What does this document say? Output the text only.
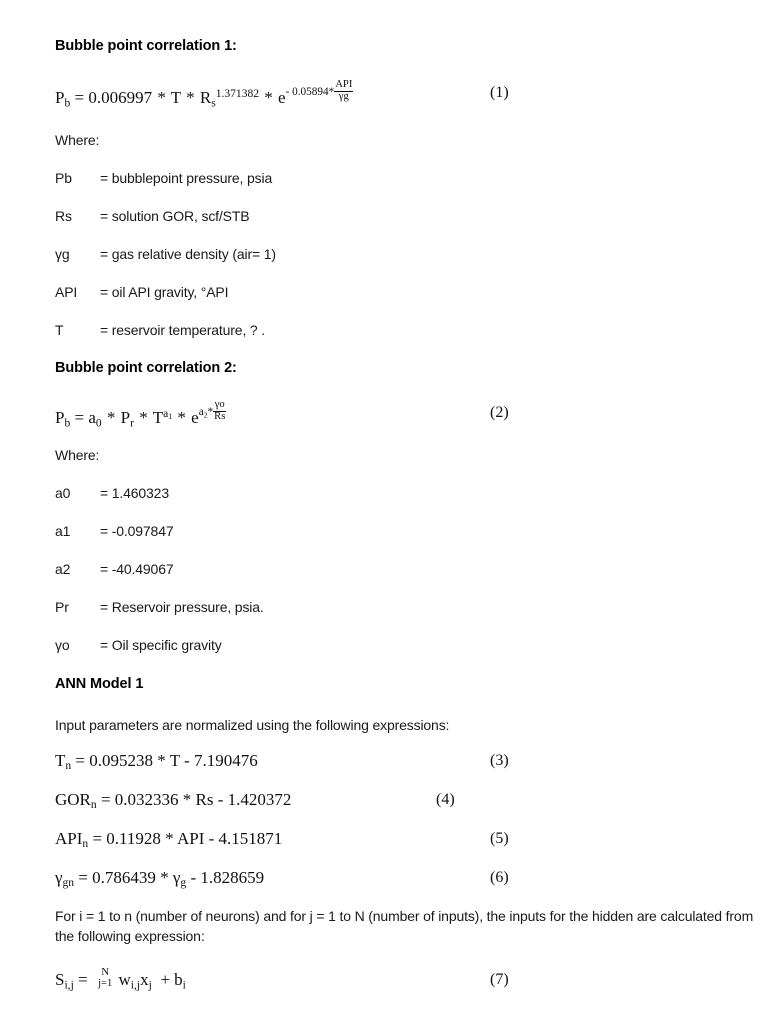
Bubble point correlation 1:
$P_b = 0.006997 * T * R_s^{1.371382} * e-$ $0.05894* \frac{\text{API}}{\gamma g}$	(1)
Where:
Pb	= bubblepoint pressure, psia
Rs	= solution GOR, scf/STB
γg	= gas relative density (air= 1)
API	= oil API gravity, °API
T	= reservoir temperature, ? .
Bubble point correlation 2:
$P_b = a_0 * P_r * T^{a_1} * ea_2* \frac{\gamma o}{Rs}$	(2)
Where:
a0	= 1.460323
a1	= -0.097847
a2	= -40.49067
Pr	= Reservoir pressure, psia.
γo	= Oil specific gravity
ANN Model 1
Input parameters are normalized using the following expressions:
$T_n = 0.095238 * T - 7.190476$	(3)
$GOR_n = 0.032336 * Rs - 1.420372$	(4)
$API_n = 0.11928$ * API - 4.151871	(5)
$\gamma_{gn} = 0.786439 * \gamma_g - 1.828659$	(6)
For i = 1 to n (number of neurons) and for j = 1 to N (number of inputs), the inputs for the hidden are calculated from the following expression:
$S_{i,j}$ =	N
j=1 $w_{i,j}x_j + b_i$	(7)
